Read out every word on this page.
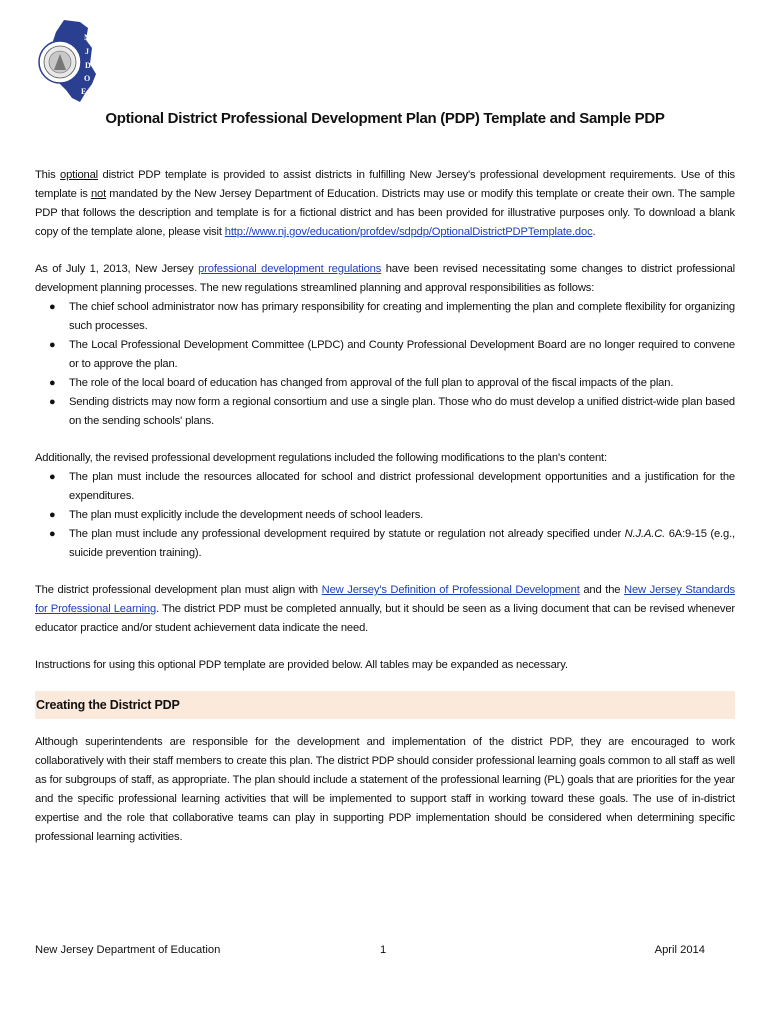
N
J
D
O
E
Optional District Professional Development Plan (PDP) Template and Sample PDP

This optional district PDP template is provided to assist districts in fulfilling New Jersey's professional development requirements. Use of this template is not mandated by the New Jersey Department of Education. Districts may use or modify this template or create their own. The sample PDP that follows the description and template is for a fictional district and has been provided for illustrative purposes only. To download a blank copy of the template alone, please visit http://www.nj.gov/education/profdev/sdpdp/OptionalDistrictPDPTemplate.doc.

As of July 1, 2013, New Jersey professional development regulations have been revised necessitating some changes to district professional development planning processes. The new regulations streamlined planning and approval responsibilities as follows:

● The chief school administrator now has primary responsibility for creating and implementing the plan and complete flexibility for organizing such processes.
● The Local Professional Development Committee (LPDC) and County Professional Development Board are no longer required to convene or to approve the plan.
● The role of the local board of education has changed from approval of the full plan to approval of the fiscal impacts of the plan.
● Sending districts may now form a regional consortium and use a single plan. Those who do must develop a unified district-wide plan based on the sending schools' plans.

Additionally, the revised professional development regulations included the following modifications to the plan's content:

● The plan must include the resources allocated for school and district professional development opportunities and a justification for the expenditures.
● The plan must explicitly include the development needs of school leaders.
● The plan must include any professional development required by statute or regulation not already specified under N.J.A.C. 6A:9-15 (e.g., suicide prevention training).

The district professional development plan must align with New Jersey's Definition of Professional Development and the New Jersey Standards for Professional Learning. The district PDP must be completed annually, but it should be seen as a living document that can be revised whenever educator practice and/or student achievement data indicate the need.

Instructions for using this optional PDP template are provided below. All tables may be expanded as necessary.

Creating the District PDP

Although superintendents are responsible for the development and implementation of the district PDP, they are encouraged to work collaboratively with their staff members to create this plan. The district PDP should consider professional learning goals common to all staff as well as for subgroups of staff, as appropriate. The plan should include a statement of the professional learning (PL) goals that are priorities for the year and the specific professional learning activities that will be implemented to support staff in working toward these goals. The use of in-district expertise and the role that collaborative teams can play in supporting PDP implementation should be considered when determining specific professional learning activities.

New Jersey Department of Education	1	April 2014
